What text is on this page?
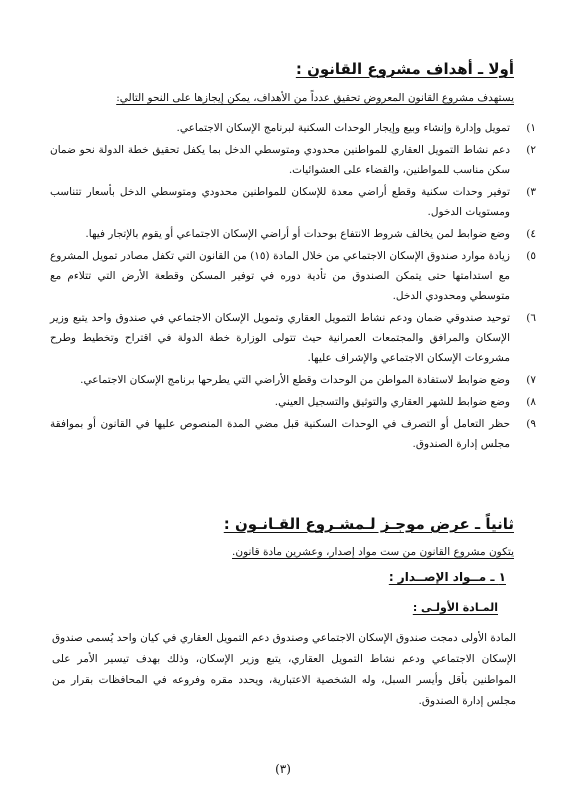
أولا ـ أهداف مشروع القانون :
يستهدف مشروع القانون المعروض تحقيق عدداً من الأهداف، يمكن إيجازها على النحو التالي:
١)
تمويل وإدارة وإنشاء وبيع وإيجار الوحدات السكنية لبرنامج الإسكان الاجتماعي.
٢)
دعم نشاط التمويل العقاري للمواطنين محدودي ومتوسطي الدخل بما يكفل تحقيق خطة الدولة نحو ضمان سكن مناسب للمواطنين، والقضاء على العشوائيات.
٣)
توفير وحدات سكنية وقطع أراضي معدة للإسكان للمواطنين محدودي ومتوسطي الدخل بأسعار تتناسب ومستويات الدخول.
٤)
وضع ضوابط لمن يخالف شروط الانتفاع بوحدات أو أراضي الإسكان الاجتماعي أو يقوم بالإتجار فيها.
٥)
زيادة موارد صندوق الإسكان الاجتماعي من خلال المادة (١٥) من القانون التي تكفل مصادر تمويل المشروع مع استدامتها حتى يتمكن الصندوق من تأدية دوره في توفير المسكن وقطعة الأرض التي تتلاءم مع متوسطي ومحدودي الدخل.
٦)
توحيد صندوقي ضمان ودعم نشاط التمويل العقاري وتمويل الإسكان الاجتماعي في صندوق واحد يتبع وزير الإسكان والمرافق والمجتمعات العمرانية حيث تتولى الوزارة خطة الدولة في اقتراح وتخطيط وطرح مشروعات الإسكان الاجتماعي والإشراف عليها.
٧)
وضع ضوابط لاستفادة المواطن من الوحدات وقطع الأراضي التي يطرحها برنامج الإسكان الاجتماعي.
٨)
وضع ضوابط للشهر العقاري والتوثيق والتسجيل العيني.
٩)
حظر التعامل أو التصرف في الوحدات السكنية قبل مضي المدة المنصوص عليها في القانون أو بموافقة مجلس إدارة الصندوق.
ثانياً ـ عرض موجـز لـمشـروع القـانـون :
يتكون مشروع القانون من ست مواد إصدار، وعشرين مادة قانون.
١ ـ مــواد الإصــدار :
المـادة الأولـى :
المادة الأولى دمجت صندوق الإسكان الاجتماعي وصندوق دعم التمويل العقاري في كيان واحد يُسمى صندوق الإسكان الاجتماعي ودعم نشاط التمويل العقاري، يتبع وزير الإسكان، وذلك بهدف تيسير الأمر على المواطنين بأقل وأيسر السبل، وله الشخصية الاعتبارية، ويحدد مقره وفروعه في المحافظات بقرار من مجلس إدارة الصندوق.
(٣)
